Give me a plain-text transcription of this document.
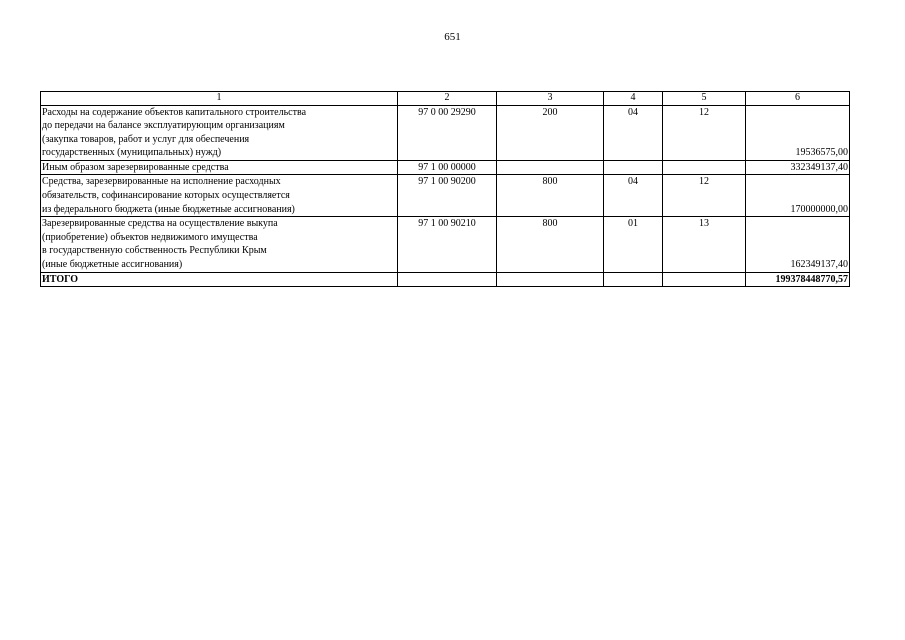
651
1	2	3	4	5	6

Расходы на содержание объектов капитального строительства
до передачи на балансе эксплуатирующим организациям
(закупка товаров, работ и услуг для обеспечения
государственных (муниципальных) нужд)	97 0 00 29290	200	04	12	19536575,00

Иным образом зарезервированные средства	97 1 00 00000				332349137,40

Средства, зарезервированные на исполнение расходных
обязательств, софинансирование которых осуществляется
из федерального бюджета (иные бюджетные ассигнования)	97 1 00 90200	800	04	12	170000000,00

Зарезервированные средства на осуществление выкупа
(приобретение) объектов недвижимого имущества
в государственную собственность Республики Крым
(иные бюджетные ассигнования)	97 1 00 90210	800	01	13	162349137,40
ИТОГО					199378448770,57
